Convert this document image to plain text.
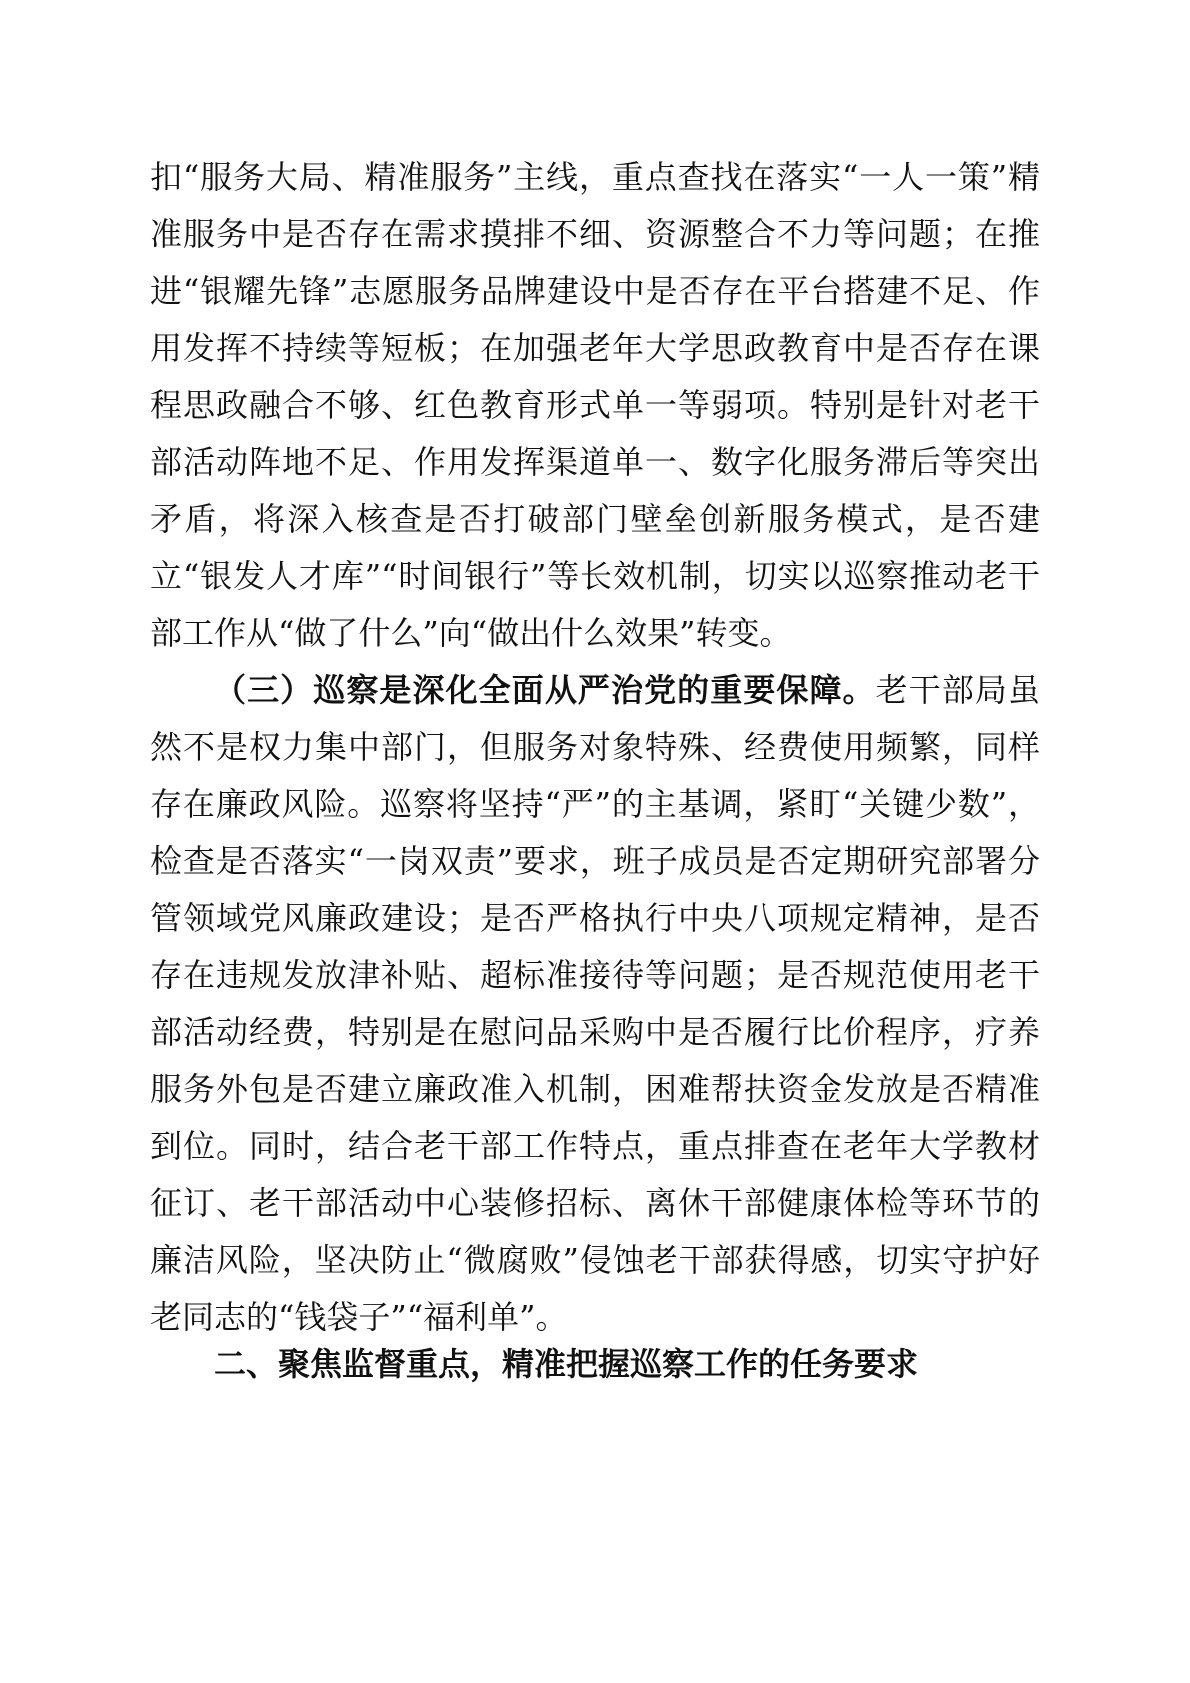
扣“服务大局、精准服务”主线，重点查找在落实“一人一策”精准服务中是否存在需求摸排不细、资源整合不力等问题；在推进“银耀先锋”志愿服务品牌建设中是否存在平台搭建不足、作用发挥不持续等短板；在加强老年大学思政教育中是否存在课程思政融合不够、红色教育形式单一等弱项。特别是针对老干部活动阵地不足、作用发挥渠道单一、数字化服务滞后等突出矛盾，将深入核查是否打破部门壁垒创新服务模式，是否建立“银发人才库”“时间银行”等长效机制，切实以巡察推动老干部工作从“做了什么”向“做出什么效果”转变。

（三）巡察是深化全面从严治党的重要保障。老干部局虽然不是权力集中部门，但服务对象特殊、经费使用频繁，同样存在廉政风险。巡察将坚持“严”的主基调，紧盯“关键少数”，检查是否落实“一岗双责”要求，班子成员是否定期研究部署分管领域党风廉政建设；是否严格执行中央八项规定精神，是否存在违规发放津补贴、超标准接待等问题；是否规范使用老干部活动经费，特别是在慰问品采购中是否履行比价程序，疗养服务外包是否建立廉政准入机制，困难帮扶资金发放是否精准到位。同时，结合老干部工作特点，重点排查在老年大学教材征订、老干部活动中心装修招标、离休干部健康体检等环节的廉洁风险，坚决防止“微腐败”侵蚀老干部获得感，切实守护好老同志的“钱袋子”“福利单”。

二、聚焦监督重点，精准把握巡察工作的任务要求
